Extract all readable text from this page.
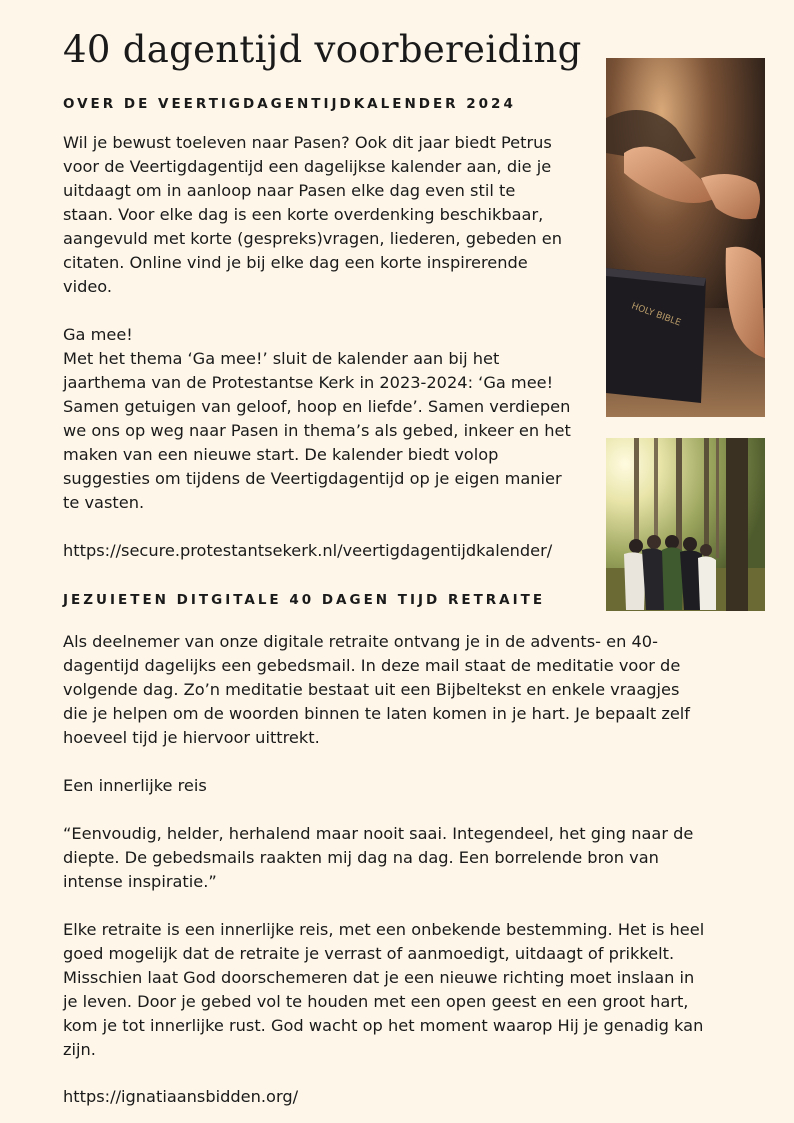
40 dagentijd voorbereiding
OVER DE VEERTIGDAGENTIJDKALENDER 2024
Wil je bewust toeleven naar Pasen? Ook dit jaar biedt Petrus
voor de Veertigdagentijd een dagelijkse kalender aan, die je
uitdaagt om in aanloop naar Pasen elke dag even stil te
staan. Voor elke dag is een korte overdenking beschikbaar,
aangevuld met korte (gespreks)vragen, liederen, gebeden en
citaten. Online vind je bij elke dag een korte inspirerende
video.
Ga mee!
Met het thema ‘Ga mee!’ sluit de kalender aan bij het
jaarthema van de Protestantse Kerk in 2023-2024: ‘Ga mee!
Samen getuigen van geloof, hoop en liefde’. Samen verdiepen
we ons op weg naar Pasen in thema’s als gebed, inkeer en het
maken van een nieuwe start. De kalender biedt volop
suggesties om tijdens de Veertigdagentijd op je eigen manier
te vasten.
https://secure.protestantsekerk.nl/veertigdagentijdkalender/
JEZUIETEN DITGITALE 40 DAGEN TIJD RETRAITE
Als deelnemer van onze digitale retraite ontvang je in de advents- en 40-
dagentijd dagelijks een gebedsmail. In deze mail staat de meditatie voor de
volgende dag. Zo’n meditatie bestaat uit een Bijbeltekst en enkele vraagjes
die je helpen om de woorden binnen te laten komen in je hart. Je bepaalt zelf
hoeveel tijd je hiervoor uittrekt.
Een innerlijke reis
“Eenvoudig, helder, herhalend maar nooit saai. Integendeel, het ging naar de
diepte. De gebedsmails raakten mij dag na dag. Een borrelende bron van
intense inspiratie.”
Elke retraite is een innerlijke reis, met een onbekende bestemming. Het is heel
goed mogelijk dat de retraite je verrast of aanmoedigt, uitdaagt of prikkelt.
Misschien laat God doorschemeren dat je een nieuwe richting moet inslaan in
je leven. Door je gebed vol te houden met een open geest en een groot hart,
kom je tot innerlijke rust. God wacht op het moment waarop Hij je genadig kan
zijn.
https://ignatiaansbidden.org/
HOLY BIBLE
